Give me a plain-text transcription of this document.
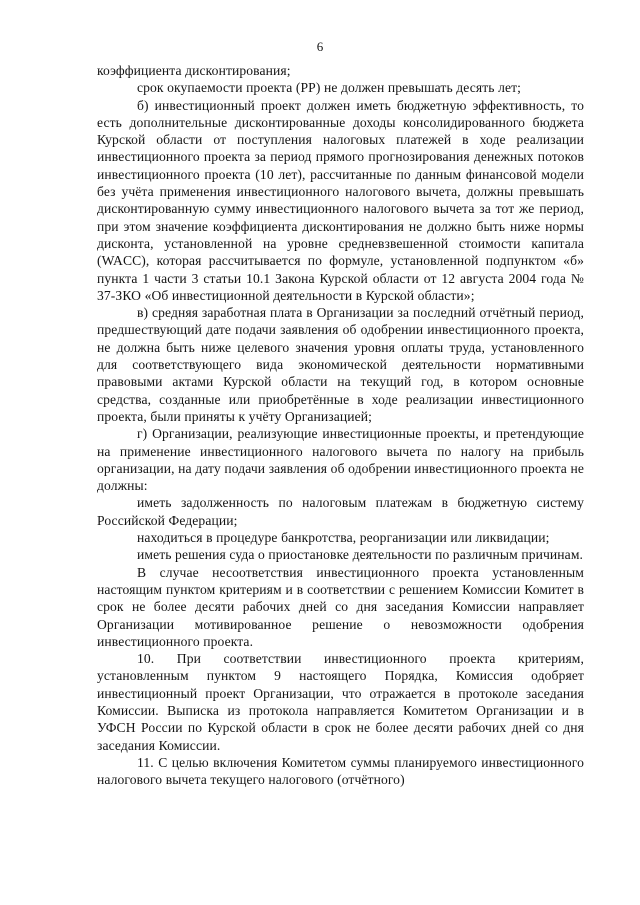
6

коэффициента дисконтирования;

срок окупаемости проекта (PP) не должен превышать десять лет;

б) инвестиционный проект должен иметь бюджетную эффективность, то есть дополнительные дисконтированные доходы консолидированного бюджета Курской области от поступления налоговых платежей в ходе реализации инвестиционного проекта за период прямого прогнозирования денежных потоков инвестиционного проекта (10 лет), рассчитанные по данным финансовой модели без учёта применения инвестиционного налогового вычета, должны превышать дисконтированную сумму инвестиционного налогового вычета за тот же период, при этом значение коэффициента дисконтирования не должно быть ниже нормы дисконта, установленной на уровне средневзвешенной стоимости капитала (WACC), которая рассчитывается по формуле, установленной подпунктом «б» пункта 1 части 3 статьи 10.1 Закона Курской области от 12 августа 2004 года № 37-ЗКО «Об инвестиционной деятельности в Курской области»;

в) средняя заработная плата в Организации за последний отчётный период, предшествующий дате подачи заявления об одобрении инвестиционного проекта, не должна быть ниже целевого значения уровня оплаты труда, установленного для соответствующего вида экономической деятельности нормативными правовыми актами Курской области на текущий год, в котором основные средства, созданные или приобретённые в ходе реализации инвестиционного проекта, были приняты к учёту Организацией;

г) Организации, реализующие инвестиционные проекты, и претендующие на применение инвестиционного налогового вычета по налогу на прибыль организации, на дату подачи заявления об одобрении инвестиционного проекта не должны:

иметь задолженность по налоговым платежам в бюджетную систему Российской Федерации;

находиться в процедуре банкротства, реорганизации или ликвидации;

иметь решения суда о приостановке деятельности по различным причинам.

В случае несоответствия инвестиционного проекта установленным настоящим пунктом критериям и в соответствии с решением Комиссии Комитет в срок не более десяти рабочих дней со дня заседания Комиссии направляет Организации мотивированное решение о невозможности одобрения инвестиционного проекта.

10. При соответствии инвестиционного проекта критериям, установленным пунктом 9 настоящего Порядка, Комиссия одобряет инвестиционный проект Организации, что отражается в протоколе заседания Комиссии. Выписка из протокола направляется Комитетом Организации и в УФСН России по Курской области в срок не более десяти рабочих дней со дня заседания Комиссии.

11. С целью включения Комитетом суммы планируемого инвестиционного налогового вычета текущего налогового (отчётного)
